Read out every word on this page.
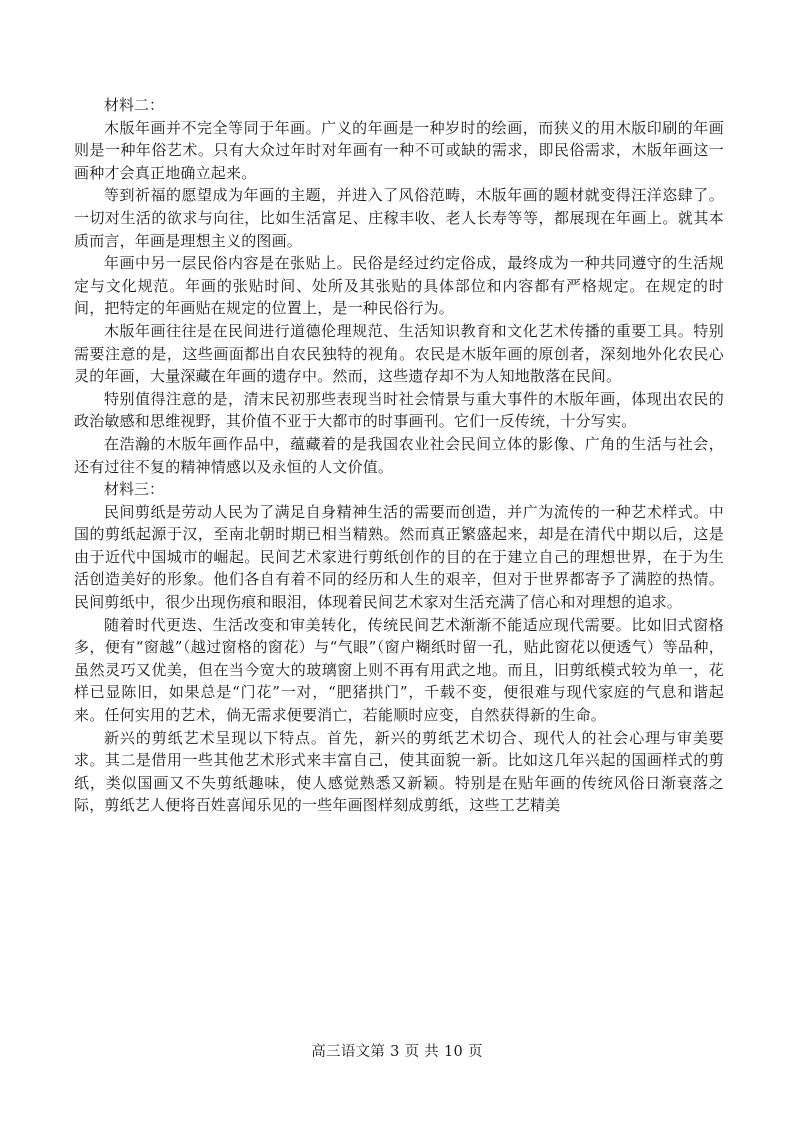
材料二：

木版年画并不完全等同于年画。广义的年画是一种岁时的绘画，而狭义的用木版印刷的年画则是一种年俗艺术。只有大众过年时对年画有一种不可或缺的需求，即民俗需求，木版年画这一画种才会真正地确立起来。

等到祈福的愿望成为年画的主题，并进入了风俗范畴，木版年画的题材就变得汪洋恣肆了。一切对生活的欲求与向往，比如生活富足、庄稼丰收、老人长寿等等，都展现在年画上。就其本质而言，年画是理想主义的图画。

年画中另一层民俗内容是在张贴上。民俗是经过约定俗成，最终成为一种共同遵守的生活规定与文化规范。年画的张贴时间、处所及其张贴的具体部位和内容都有严格规定。在规定的时间，把特定的年画贴在规定的位置上，是一种民俗行为。

木版年画往往是在民间进行道德伦理规范、生活知识教育和文化艺术传播的重要工具。特别需要注意的是，这些画面都出自农民独特的视角。农民是木版年画的原创者，深刻地外化农民心灵的年画，大量深藏在年画的遗存中。然而，这些遗存却不为人知地散落在民间。

特别值得注意的是，清末民初那些表现当时社会情景与重大事件的木版年画，体现出农民的政治敏感和思维视野，其价值不亚于大都市的时事画刊。它们一反传统，十分写实。

在浩瀚的木版年画作品中，蕴藏着的是我国农业社会民间立体的影像、广角的生活与社会，还有过往不复的精神情感以及永恒的人文价值。

材料三：

民间剪纸是劳动人民为了满足自身精神生活的需要而创造，并广为流传的一种艺术样式。中国的剪纸起源于汉，至南北朝时期已相当精熟。然而真正繁盛起来，却是在清代中期以后，这是由于近代中国城市的崛起。民间艺术家进行剪纸创作的目的在于建立自己的理想世界，在于为生活创造美好的形象。他们各自有着不同的经历和人生的艰辛，但对于世界都寄予了满腔的热情。民间剪纸中，很少出现伤痕和眼泪，体现着民间艺术家对生活充满了信心和对理想的追求。

随着时代更迭、生活改变和审美转化，传统民间艺术渐渐不能适应现代需要。比如旧式窗格多，便有“窗越”（越过窗格的窗花）与“气眼”（窗户糊纸时留一孔，贴此窗花以便透气）等品种，虽然灵巧又优美，但在当今宽大的玻璃窗上则不再有用武之地。而且，旧剪纸模式较为单一，花样已显陈旧，如果总是“门花”一对，“肥猪拱门”，千载不变，便很难与现代家庭的气息和谐起来。任何实用的艺术，倘无需求便要消亡，若能顺时应变，自然获得新的生命。

新兴的剪纸艺术呈现以下特点。首先，新兴的剪纸艺术切合、现代人的社会心理与审美要求。其二是借用一些其他艺术形式来丰富自己，使其面貌一新。比如这几年兴起的国画样式的剪纸，类似国画又不失剪纸趣味，使人感觉熟悉又新颖。特别是在贴年画的传统风俗日渐衰落之际，剪纸艺人便将百姓喜闻乐见的一些年画图样刻成剪纸，这些工艺精美

高三语文第 3 页 共 10 页
